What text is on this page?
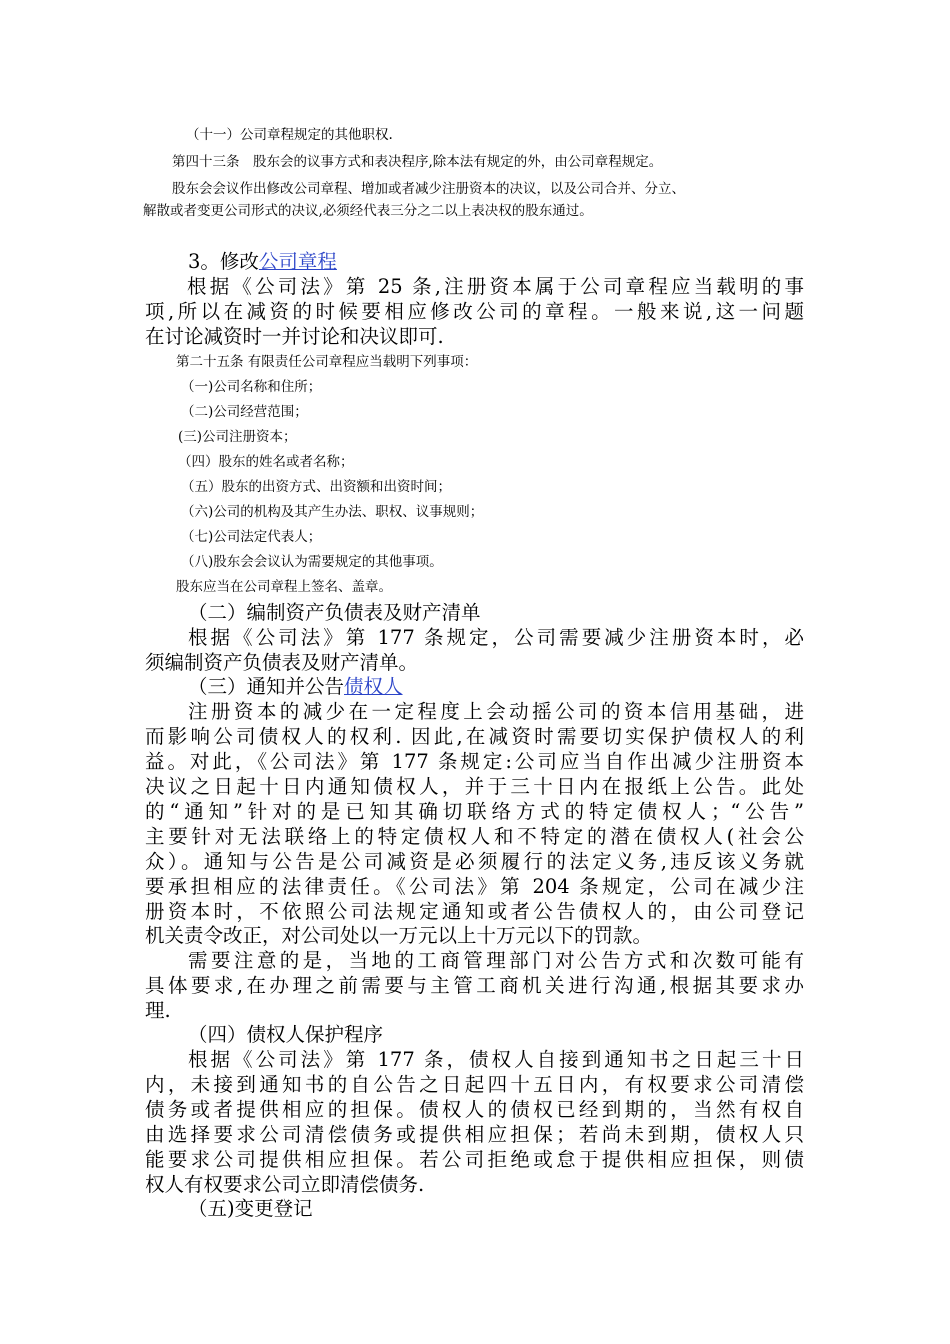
（十一）公司章程规定的其他职权.
第四十三条　股东会的议事方式和表决程序,除本法有规定的外，由公司章程规定。
股东会会议作出修改公司章程、增加或者减少注册资本的决议，以及公司合并、分立、
解散或者变更公司形式的决议,必须经代表三分之二以上表决权的股东通过。
3。修改公司章程
根据《公司法》第 25 条,注册资本属于公司章程应当载明的事
项,所以在减资的时候要相应修改公司的章程。一般来说,这一问题
在讨论减资时一并讨论和决议即可.
第二十五条 有限责任公司章程应当载明下列事项：
（一)公司名称和住所；
（二)公司经营范围；
(三)公司注册资本；
（四）股东的姓名或者名称；
（五）股东的出资方式、出资额和出资时间；
（六)公司的机构及其产生办法、职权、议事规则；
（七)公司法定代表人；
（八)股东会会议认为需要规定的其他事项。
股东应当在公司章程上签名、盖章。
（二）编制资产负债表及财产清单
根据《公司法》第 177 条规定，公司需要减少注册资本时，必
须编制资产负债表及财产清单。
（三）通知并公告债权人
注册资本的减少在一定程度上会动摇公司的资本信用基础，进
而影响公司债权人的权利. 因此,在减资时需要切实保护债权人的利
益。对此，《公司法》第 177 条规定:公司应当自作出减少注册资本
决议之日起十日内通知债权人，并于三十日内在报纸上公告。此处
的“通知”针对的是已知其确切联络方式的特定债权人；“公告”
主要针对无法联络上的特定债权人和不特定的潜在债权人(社会公
众）。通知与公告是公司减资是必须履行的法定义务,违反该义务就
要承担相应的法律责任。《公司法》第 204 条规定，公司在减少注
册资本时，不依照公司法规定通知或者公告债权人的，由公司登记
机关责令改正，对公司处以一万元以上十万元以下的罚款。
需要注意的是，当地的工商管理部门对公告方式和次数可能有
具体要求,在办理之前需要与主管工商机关进行沟通,根据其要求办
理.
（四）债权人保护程序
根据《公司法》第 177 条，债权人自接到通知书之日起三十日
内，未接到通知书的自公告之日起四十五日内，有权要求公司清偿
债务或者提供相应的担保。债权人的债权已经到期的，当然有权自
由选择要求公司清偿债务或提供相应担保；若尚未到期，债权人只
能要求公司提供相应担保。若公司拒绝或怠于提供相应担保，则债
权人有权要求公司立即清偿债务.
（五)变更登记
